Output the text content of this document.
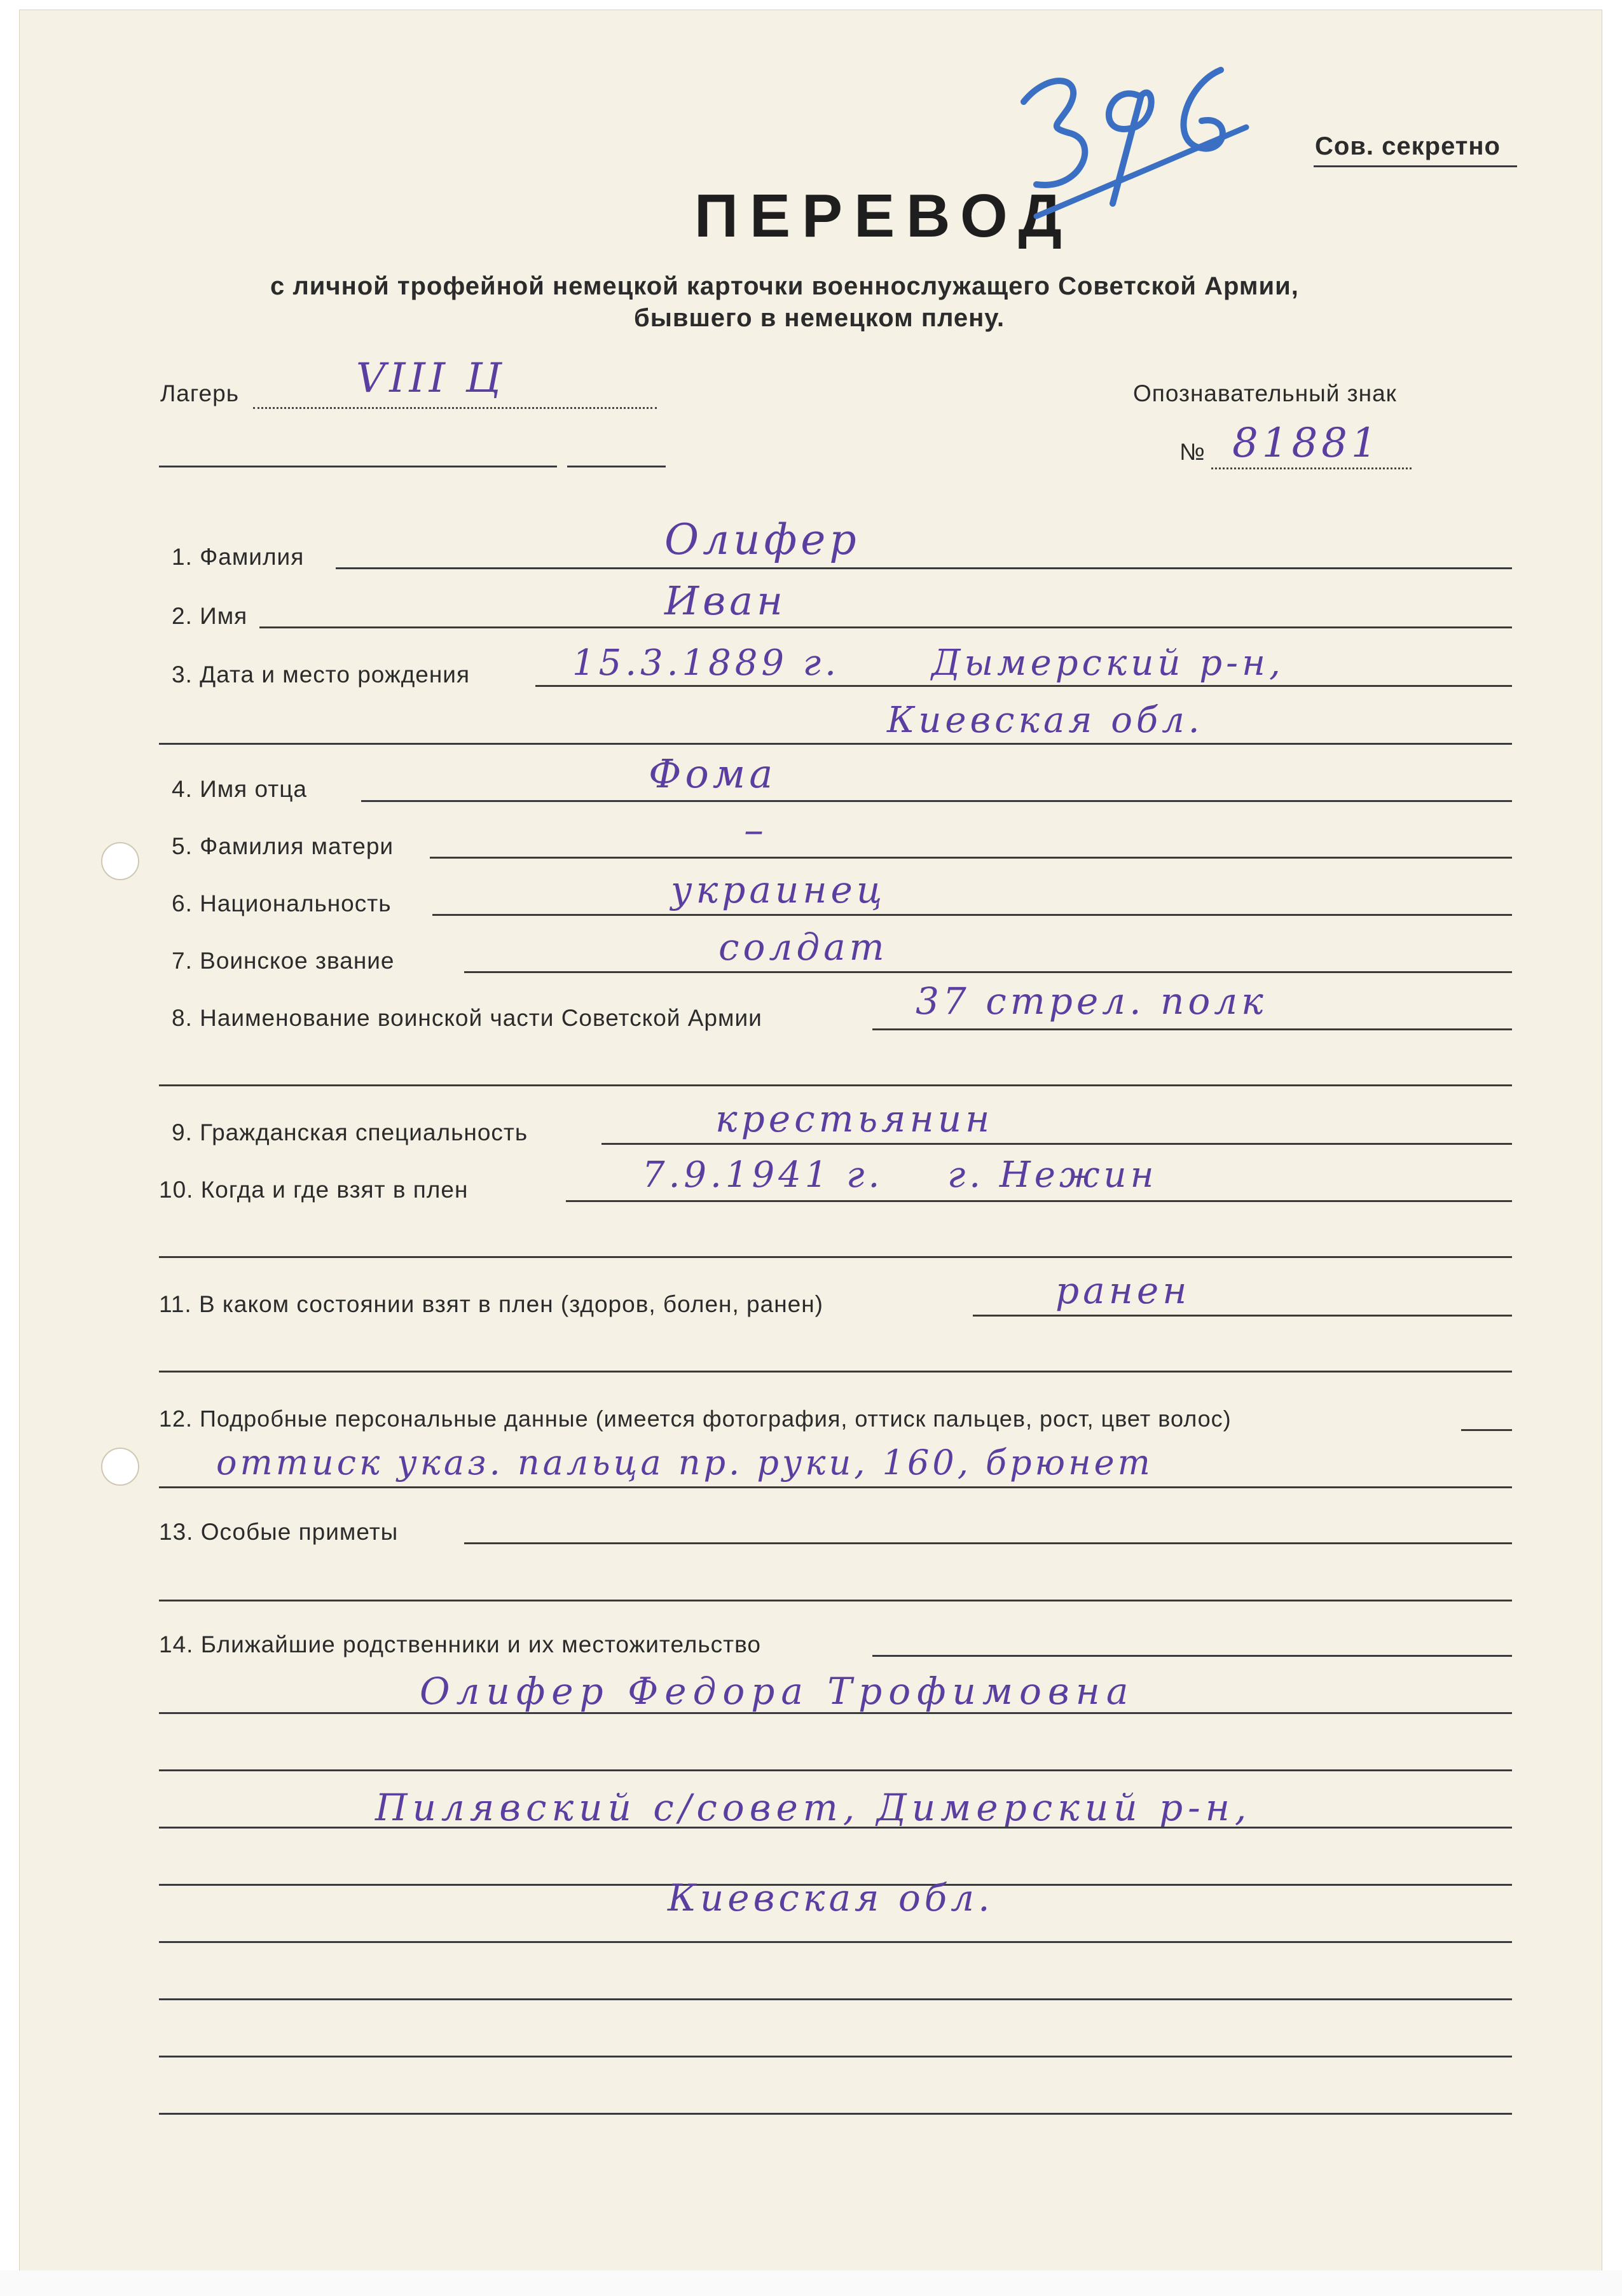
Сов. секретно
ПЕРЕВОД
с личной трофейной немецкой карточки военнослужащего Советской Армии,
бывшего в немецком плену.
Лагерь	VIII Ц	Опознавательный знак
№ 81881
1. Фамилия	Олифер
2. Имя	Иван
3. Дата и место рождения	15.3.1889 г.	Дымерский р-н,
Киевская обл.
4. Имя отца	Фома
5. Фамилия матери	–
6. Национальность	украинец
7. Воинское звание	солдат
8. Наименование воинской части Советской Армии	37 стрел. полк
9. Гражданская специальность	крестьянин
10. Когда и где взят в плен	7.9.1941 г. г. Нежин
11. В каком состоянии взят в плен (здоров, болен, ранен)	ранен
12. Подробные персональные данные (имеется фотография, оттиск пальцев, рост, цвет волос)
оттиск указ. пальца пр. руки, 160, брюнет
13. Особые приметы
14. Ближайшие родственники и их местожительство
Олифер Федора Трофимовна
Пилявский с/совет, Димерский р-н,
Киевская обл.
